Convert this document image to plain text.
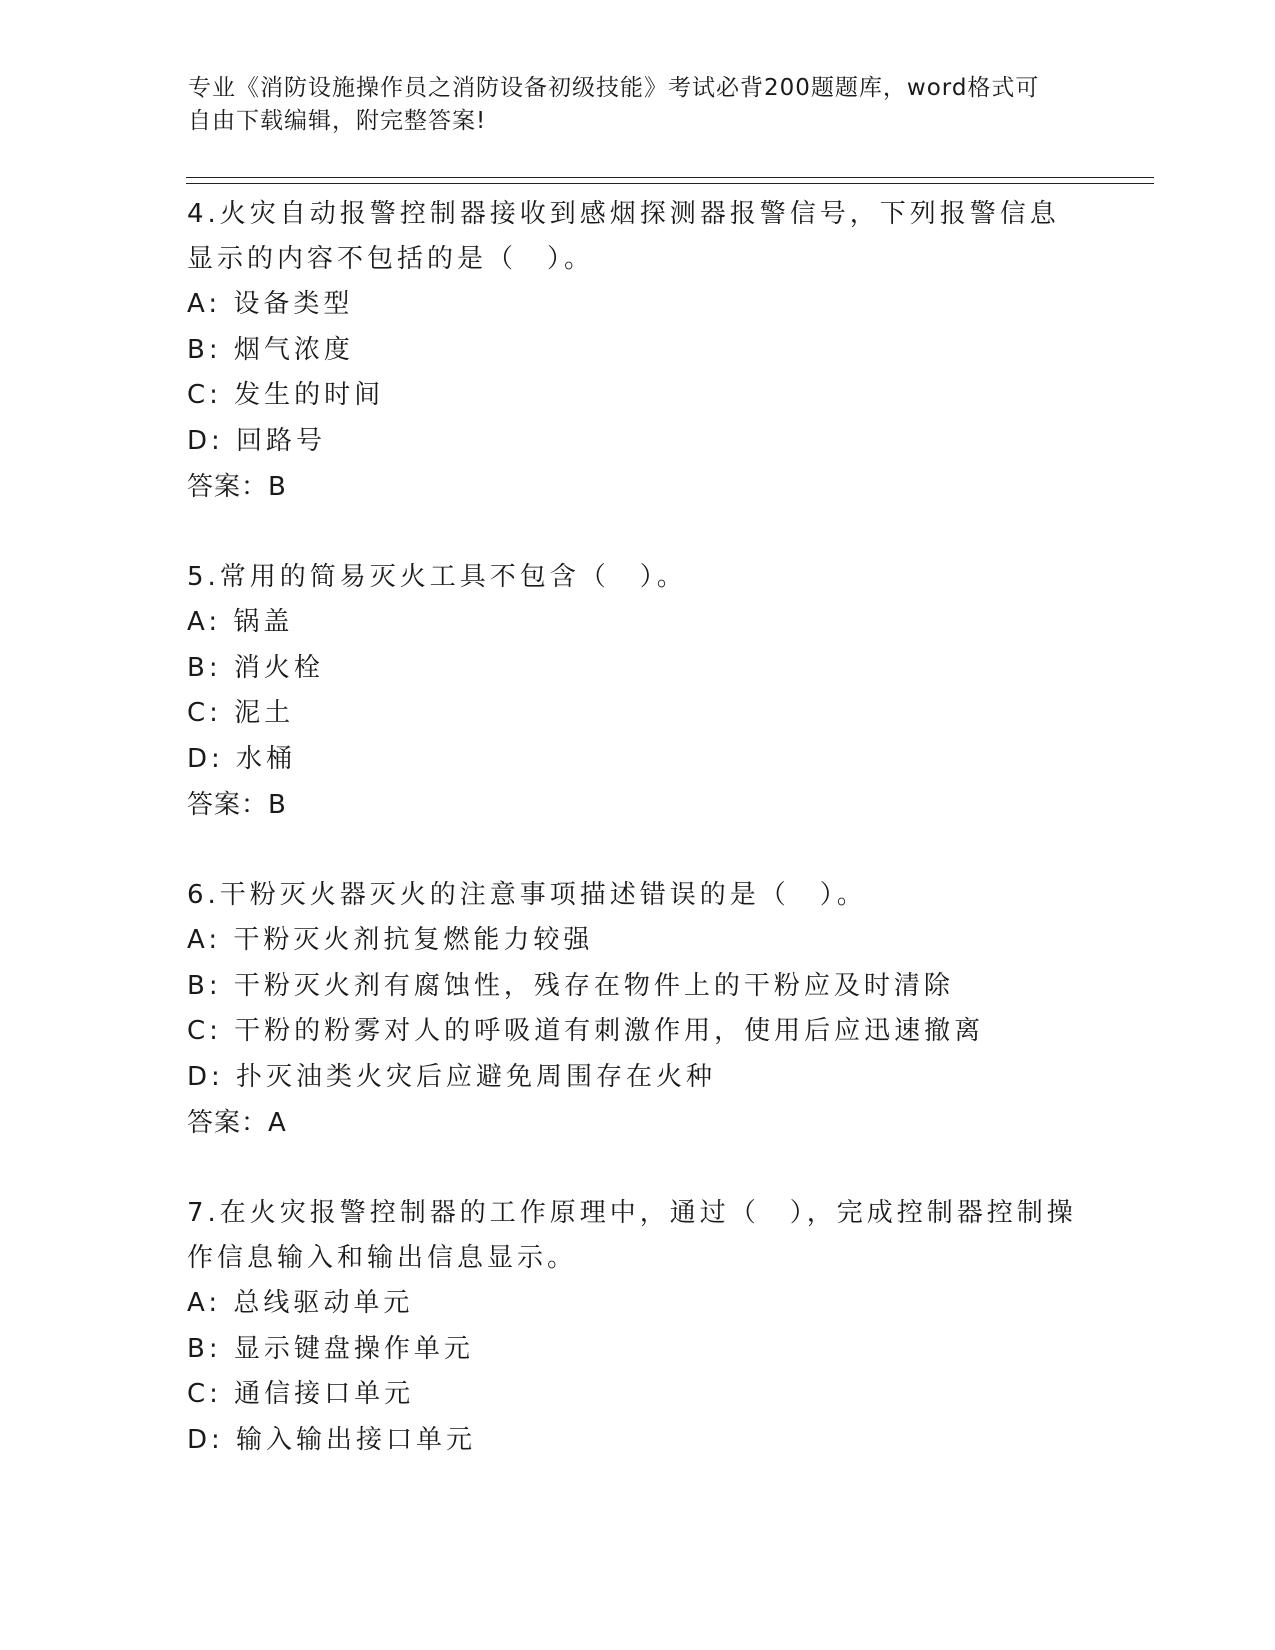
专业《消防设施操作员之消防设备初级技能》考试必背200题题库，word格式可
自由下载编辑，附完整答案!
4.火灾自动报警控制器接收到感烟探测器报警信号，下列报警信息显示的内容不包括的是（　）。
A: 设备类型
B: 烟气浓度
C: 发生的时间
D: 回路号
答案：B
5.常用的简易灭火工具不包含（　）。
A: 锅盖
B: 消火栓
C: 泥土
D: 水桶
答案：B
6.干粉灭火器灭火的注意事项描述错误的是（　）。
A: 干粉灭火剂抗复燃能力较强
B: 干粉灭火剂有腐蚀性，残存在物件上的干粉应及时清除
C: 干粉的粉雾对人的呼吸道有刺激作用，使用后应迅速撤离
D: 扑灭油类火灾后应避免周围存在火种
答案：A
7.在火灾报警控制器的工作原理中，通过（　），完成控制器控制操作信息输入和输出信息显示。
A: 总线驱动单元
B: 显示键盘操作单元
C: 通信接口单元
D: 输入输出接口单元
